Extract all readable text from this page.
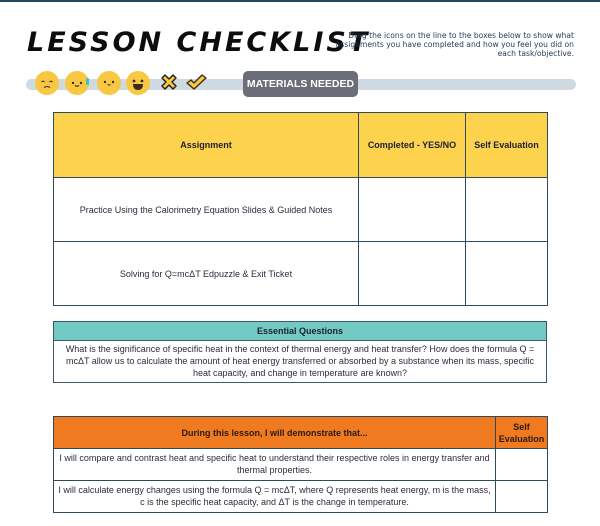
LESSON CHECKLIST

Drag the icons on the line to the boxes below to show what assignments you have completed and how you feel you did on each task/objective.

MATERIALS NEEDED
Assignment	Completed - YES/NO	Self Evaluation
Practice Using the Calorimetry Equation Slides & Guided Notes		
Solving for Q=mcΔT Edpuzzle & Exit Ticket		
Essential Questions
What is the significance of specific heat in the context of thermal energy and heat transfer? How does the formula Q = mcΔT allow us to calculate the amount of heat energy transferred or absorbed by a substance when its mass, specific heat capacity, and change in temperature are known?
During this lesson, I will demonstrate that...	Self Evaluation
I will compare and contrast heat and specific heat to understand their respective roles in energy transfer and thermal properties.	
I will calculate energy changes using the formula Q = mcΔT, where Q represents heat energy, m is the mass, c is the specific heat capacity, and ΔT is the change in temperature.	
